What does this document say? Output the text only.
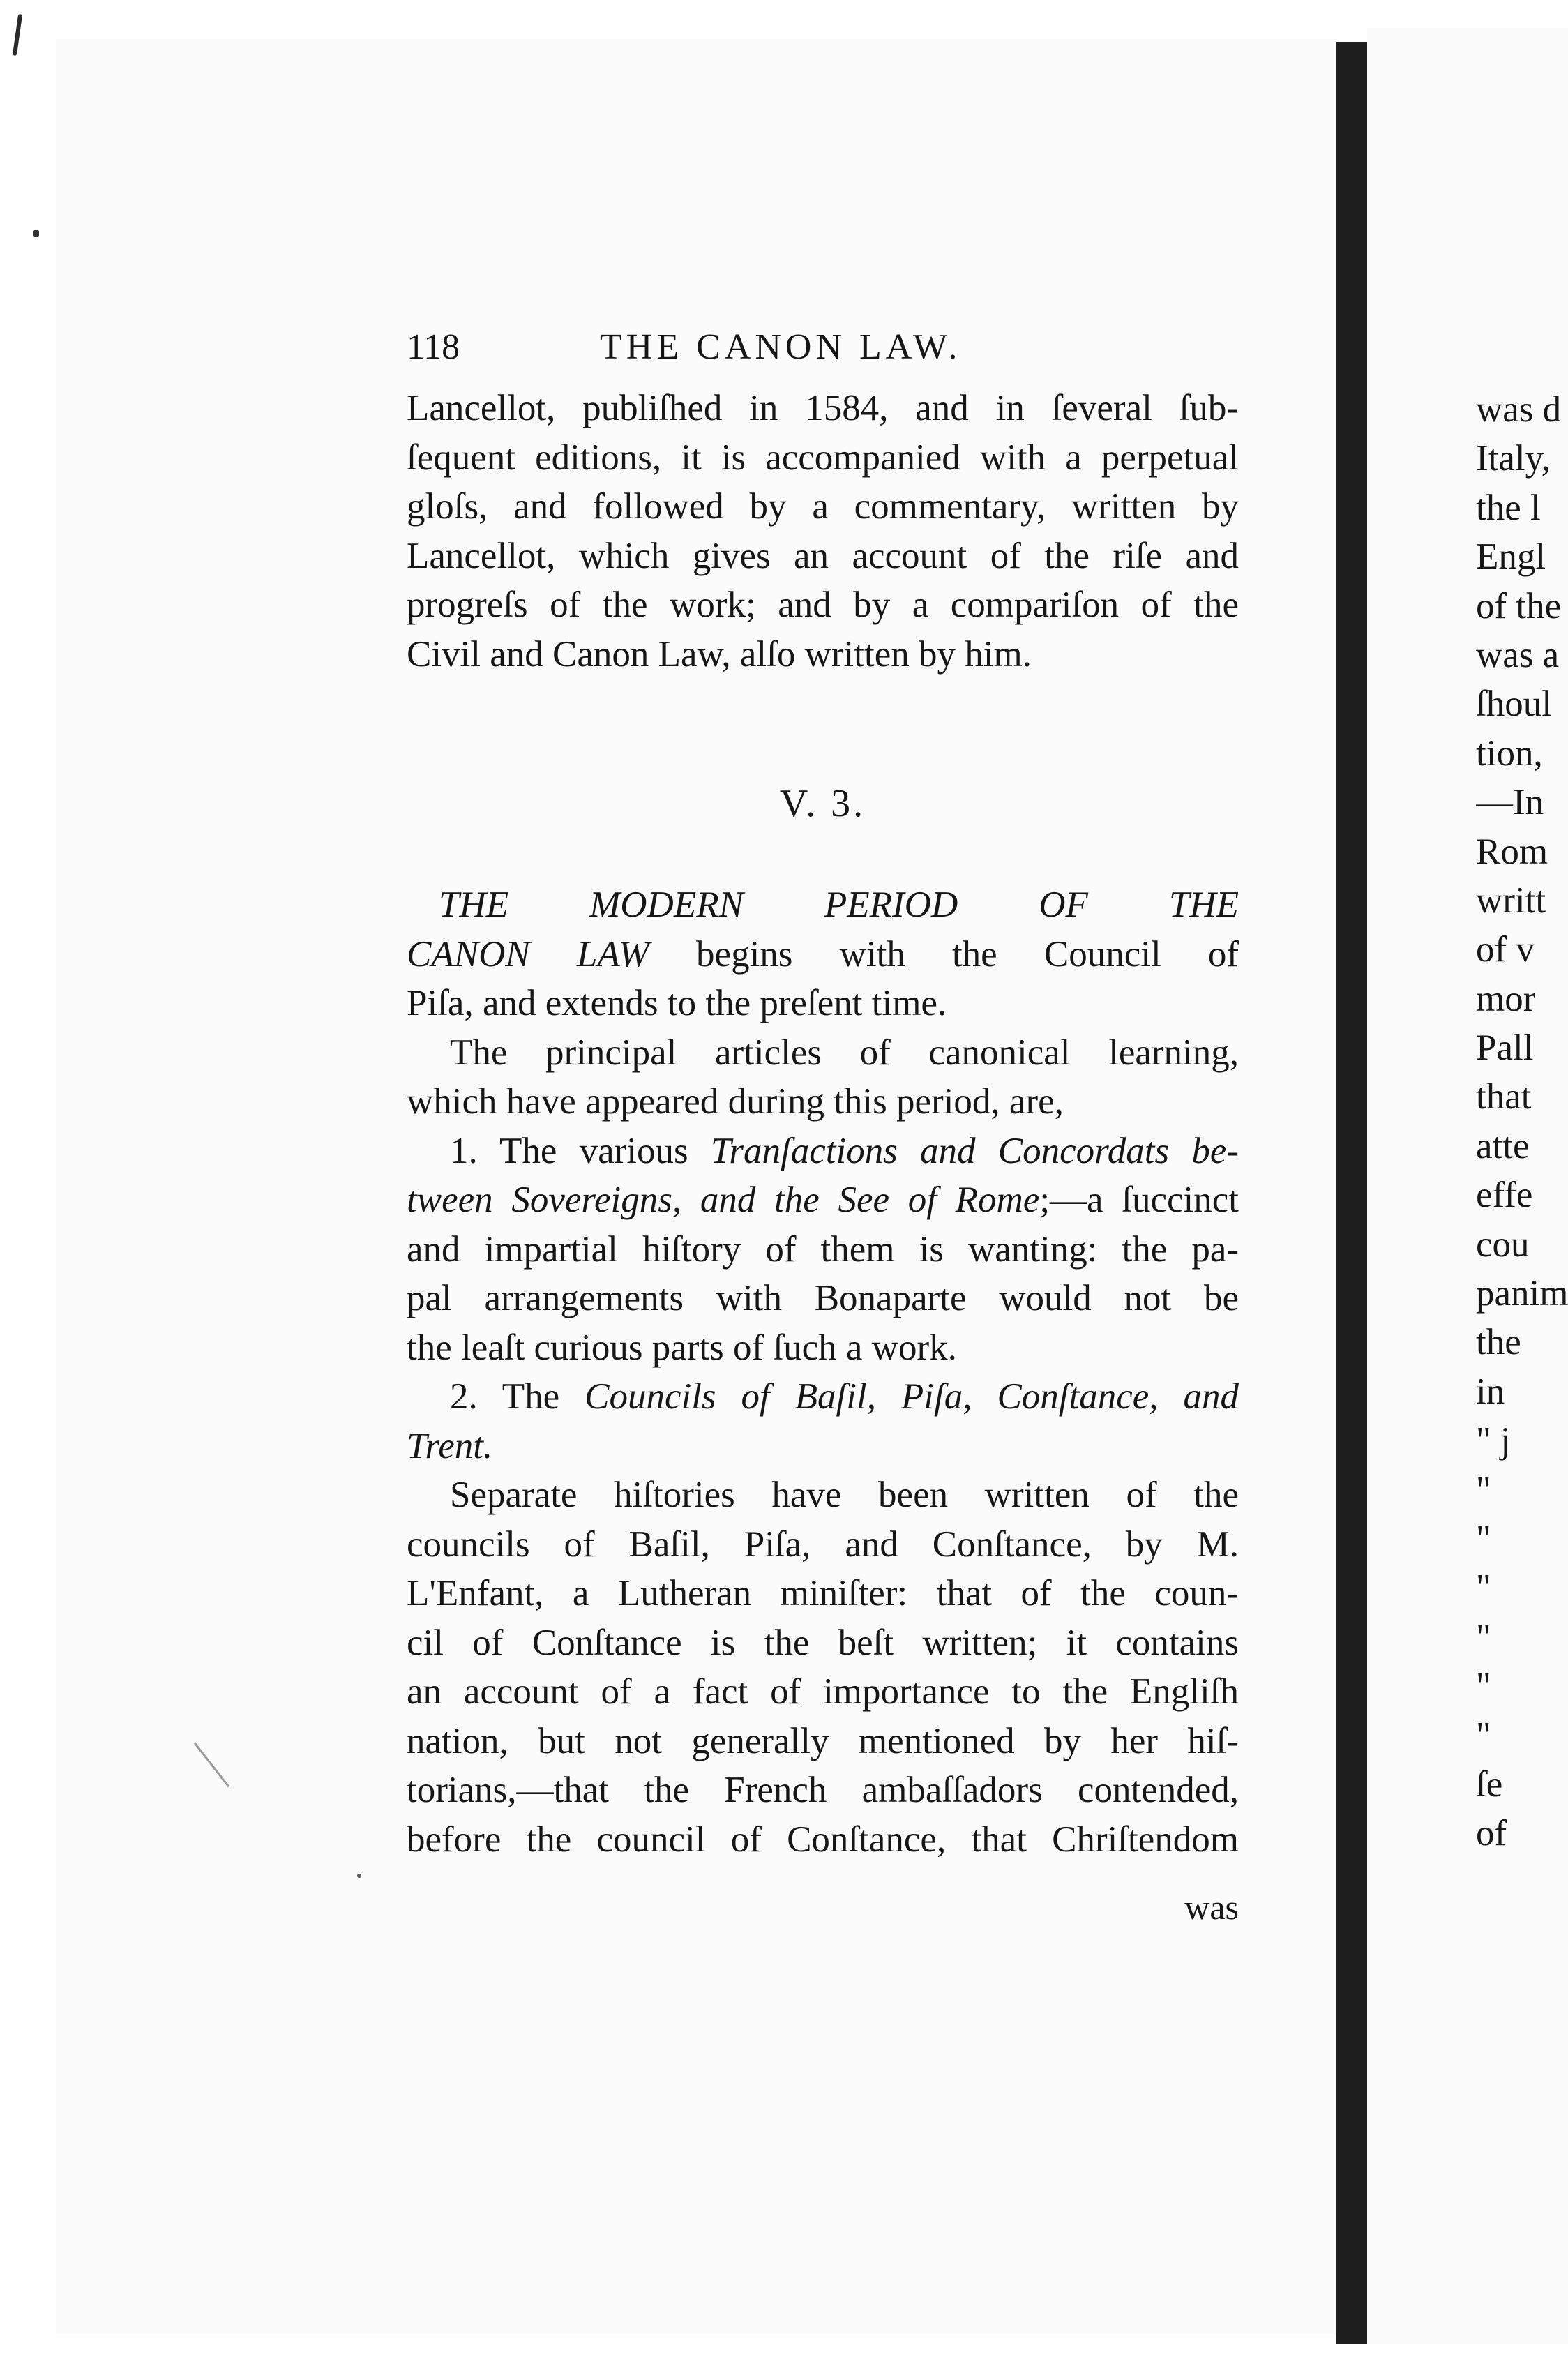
118	THE CANON LAW.
Lancellot, publiſhed in 1584, and in ſeveral ſub-
ſequent editions, it is accompanied with a perpetual
gloſs, and followed by a commentary, written by
Lancellot, which gives an account of the riſe and
progreſs of the work; and by a compariſon of the
Civil and Canon Law, alſo written by him.
V. 3.
THE MODERN PERIOD OF THE
CANON LAW begins with the Council of
Piſa, and extends to the preſent time.
The principal articles of canonical learning,
which have appeared during this period, are,
1. The various Tranſactions and Concordats be-
tween Sovereigns, and the See of Rome;—a ſuccinct
and impartial hiſtory of them is wanting: the pa-
pal arrangements with Bonaparte would not be
the leaſt curious parts of ſuch a work.
2. The Councils of Baſil, Piſa, Conſtance, and
Trent.
Separate hiſtories have been written of the
councils of Baſil, Piſa, and Conſtance, by M.
L'Enfant, a Lutheran miniſter: that of the coun-
cil of Conſtance is the beſt written; it contains
an account of a fact of importance to the Engliſh
nation, but not generally mentioned by her hiſ-
torians,—that the French ambaſſadors contended,
before the council of Conſtance, that Chriſtendom
was
was d
Italy,
the l
Engl
of the
was a
ſhoul
tion,
—In
Rom
writt
of v
mor
Pall
that
atte
effe
cou
panim
the
in
" j
"
"
"
"
"
"
ſe
of
